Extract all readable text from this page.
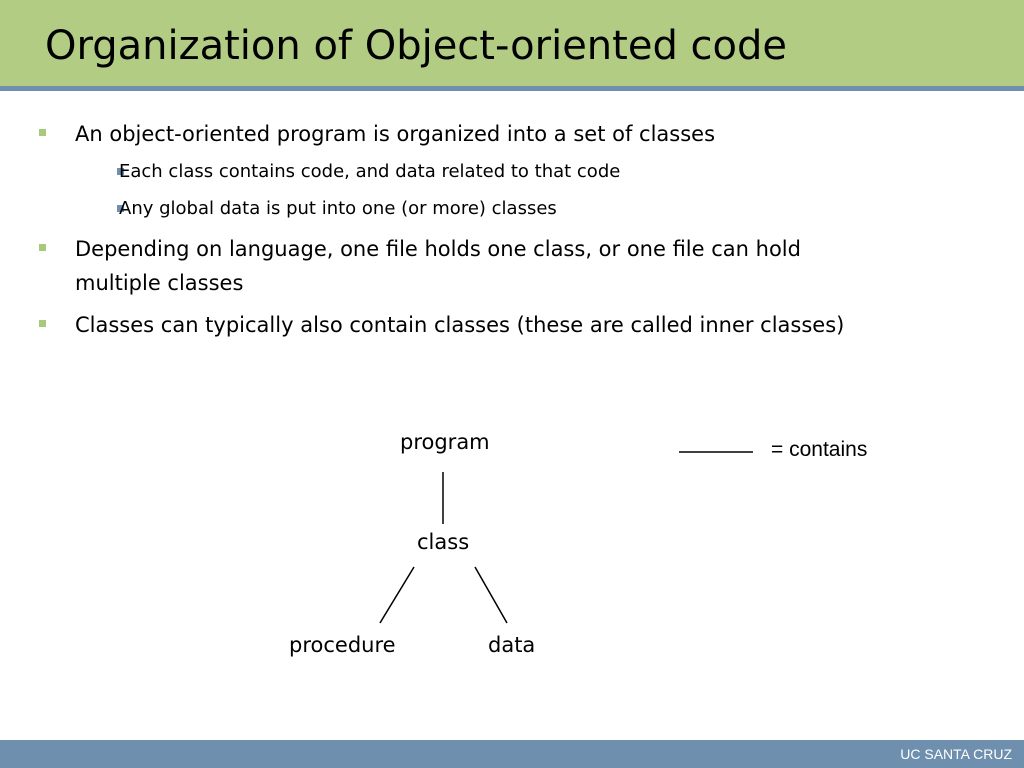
Organization of Object-oriented code
An object-oriented program is organized into a set of classes
Each class contains code, and data related to that code
Any global data is put into one (or more) classes
Depending on language, one file holds one class, or one file can hold multiple classes
Classes can typically also contain classes (these are called inner classes)
program
class
procedure	data
= contains
UC SANTA CRUZ
